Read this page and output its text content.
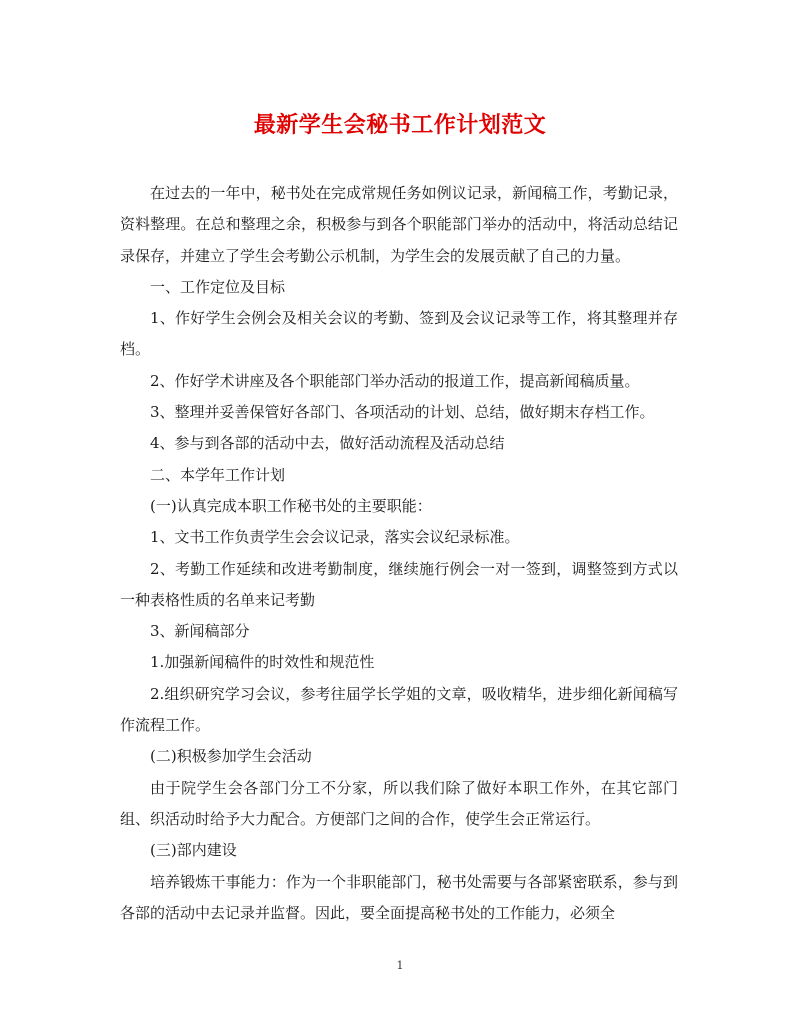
最新学生会秘书工作计划范文

在过去的一年中，秘书处在完成常规任务如例议记录，新闻稿工作，考勤记录，资料整理。在总和整理之余，积极参与到各个职能部门举办的活动中，将活动总结记录保存，并建立了学生会考勤公示机制，为学生会的发展贡献了自己的力量。

一、工作定位及目标

1、作好学生会例会及相关会议的考勤、签到及会议记录等工作，将其整理并存档。

2、作好学术讲座及各个职能部门举办活动的报道工作，提高新闻稿质量。

3、整理并妥善保管好各部门、各项活动的计划、总结，做好期末存档工作。

4、参与到各部的活动中去，做好活动流程及活动总结

二、本学年工作计划

(一)认真完成本职工作秘书处的主要职能：

1、文书工作负责学生会会议记录，落实会议纪录标准。

2、考勤工作延续和改进考勤制度，继续施行例会一对一签到，调整签到方式以一种表格性质的名单来记考勤

3、新闻稿部分

1.加强新闻稿件的时效性和规范性

2.组织研究学习会议，参考往届学长学姐的文章，吸收精华，进步细化新闻稿写作流程工作。

(二)积极参加学生会活动

由于院学生会各部门分工不分家，所以我们除了做好本职工作外，在其它部门组、织活动时给予大力配合。方便部门之间的合作，使学生会正常运行。

(三)部内建设

培养锻炼干事能力：作为一个非职能部门，秘书处需要与各部紧密联系，参与到各部的活动中去记录并监督。因此，要全面提高秘书处的工作能力，必须全

1
